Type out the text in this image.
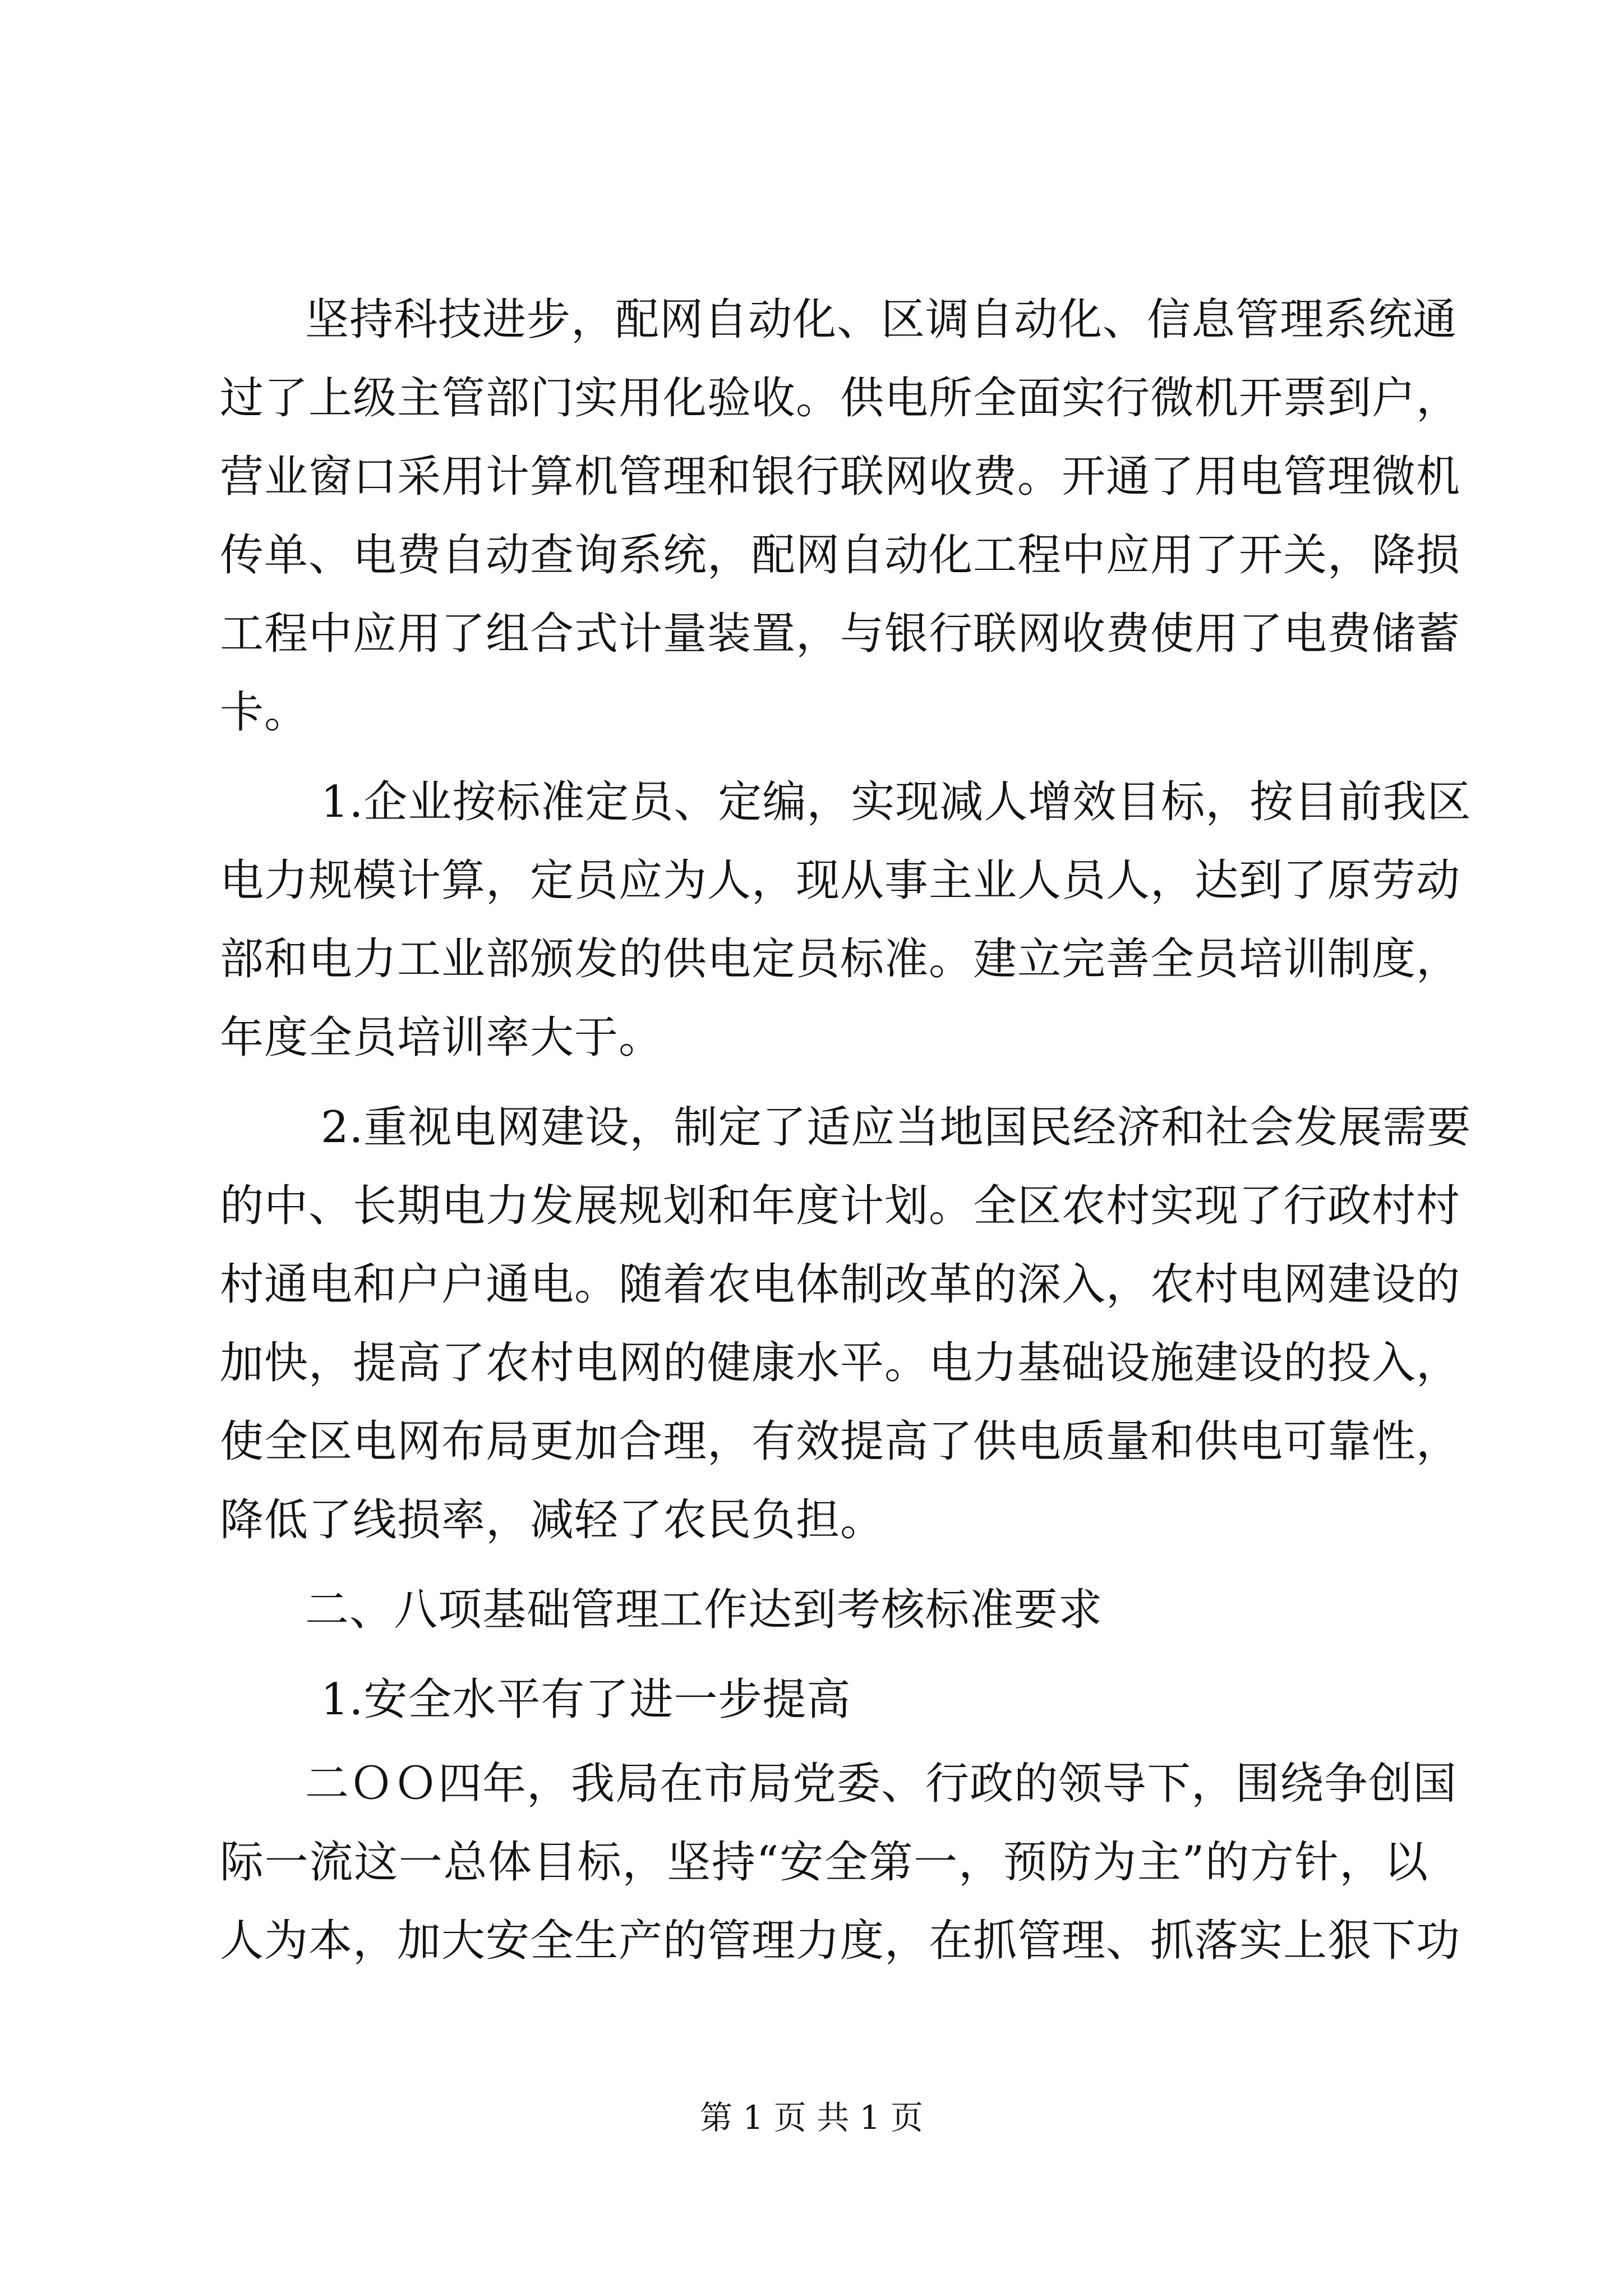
坚持科技进步，配网自动化、区调自动化、信息管理系统通
过了上级主管部门实用化验收。供电所全面实行微机开票到户，
营业窗口采用计算机管理和银行联网收费。开通了用电管理微机
传单、电费自动查询系统，配网自动化工程中应用了开关，降损
工程中应用了组合式计量装置，与银行联网收费使用了电费储蓄
卡。
1.企业按标准定员、定编，实现减人增效目标，按目前我区
电力规模计算，定员应为人，现从事主业人员人，达到了原劳动
部和电力工业部颁发的供电定员标准。建立完善全员培训制度，
年度全员培训率大于。
2.重视电网建设，制定了适应当地国民经济和社会发展需要
的中、长期电力发展规划和年度计划。全区农村实现了行政村村
村通电和户户通电。随着农电体制改革的深入，农村电网建设的
加快，提高了农村电网的健康水平。电力基础设施建设的投入，
使全区电网布局更加合理，有效提高了供电质量和供电可靠性，
降低了线损率，减轻了农民负担。
二、八项基础管理工作达到考核标准要求
1.安全水平有了进一步提高
二ＯＯ四年，我局在市局党委、行政的领导下，围绕争创国
际一流这一总体目标，坚持“安全第一，预防为主”的方针，以
人为本，加大安全生产的管理力度，在抓管理、抓落实上狠下功
第 1 页 共 1 页
